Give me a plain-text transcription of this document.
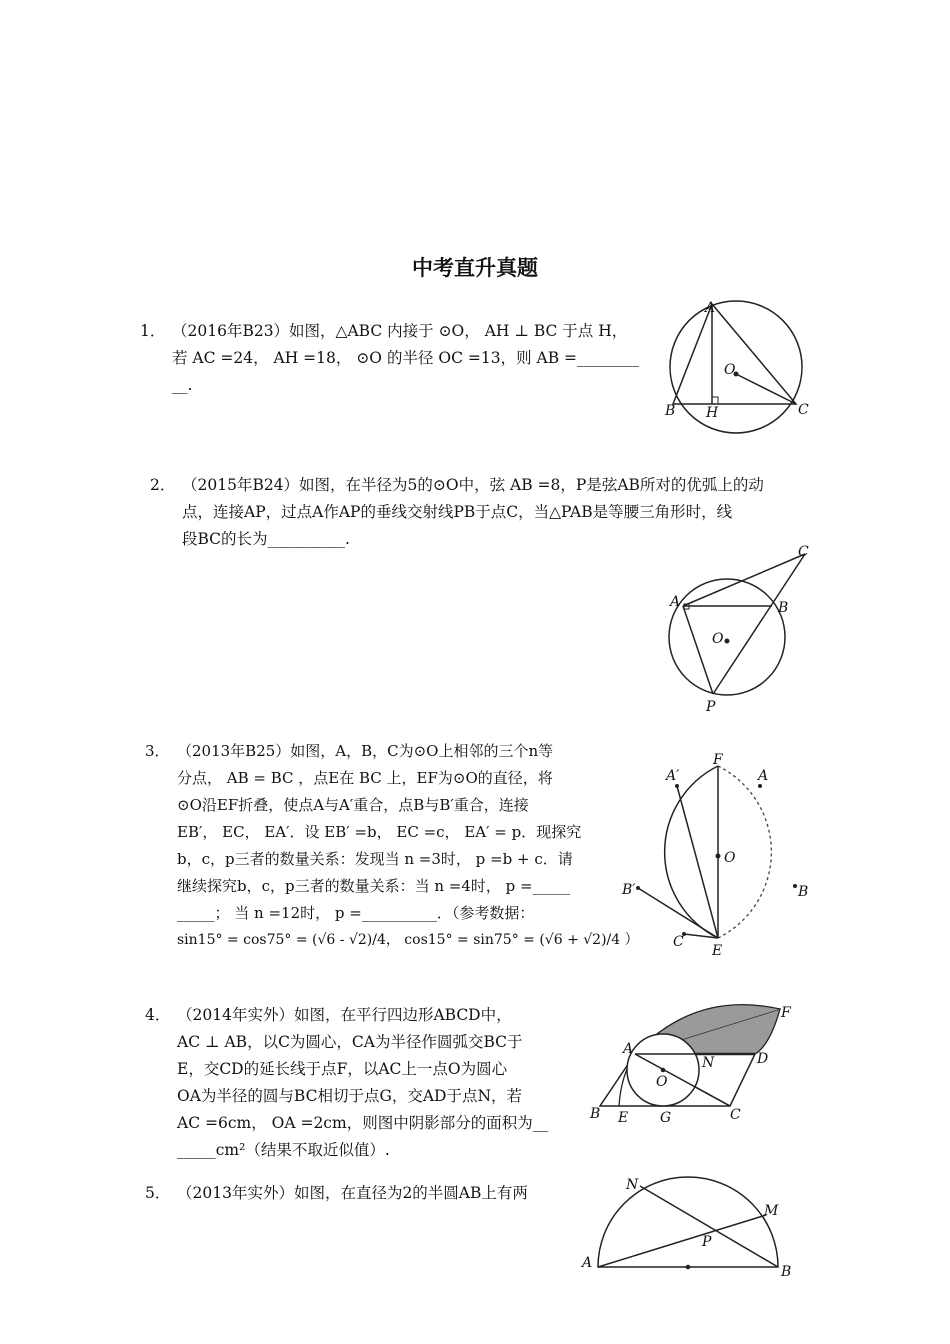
中考直升真题
1． （2016年B23）如图，△ABC 内接于 ⊙O， AH ⊥ BC 于点 H，
若 AC =24， AH =18， ⊙O 的半径 OC =13，则 AB =________
__.
A
B	C
H
O
2． （2015年B24）如图，在半径为5的⊙O中，弦 AB =8，P是弦AB所对的优弧上的动
点，连接AP，过点A作AP的垂线交射线PB于点C，当△PAB是等腰三角形时，线
段BC的长为__________.
A	B
C
O
P
3． （2013年B25）如图，A，B，C为⊙O上相邻的三个n等
分点， AB = BC ，点E在 BC 上，EF为⊙O的直径，将
⊙O沿EF折叠，使点A与A′重合，点B与B′重合，连接
EB′， EC， EA′．设 EB′ =b， EC =c， EA′ = p．现探究
b，c，p三者的数量关系：发现当 n =3时， p =b + c．请
继续探究b，c，p三者的数量关系：当 n =4时， p =_____
_____； 当 n =12时， p =__________．（参考数据：
sin15° = cos75° = (√6 - √2)/4， cos15° = sin75° = (√6 + √2)/4 ）
F
A′	A
O
B′	B
C
E
4． （2014年实外）如图，在平行四边形ABCD中，
AC ⊥ AB，以C为圆心，CA为半径作圆弧交BC于
E，交CD的延长线于点F，以AC上一点O为圆心
OA为半径的圆与BC相切于点G，交AD于点N，若
AC =6cm， OA =2cm，则图中阴影部分的面积为__
_____cm²（结果不取近似值）.
F
A
N	D
O
B E G	C
5． （2013年实外）如图，在直径为2的半圆AB上有两	N
M
P
A
B
